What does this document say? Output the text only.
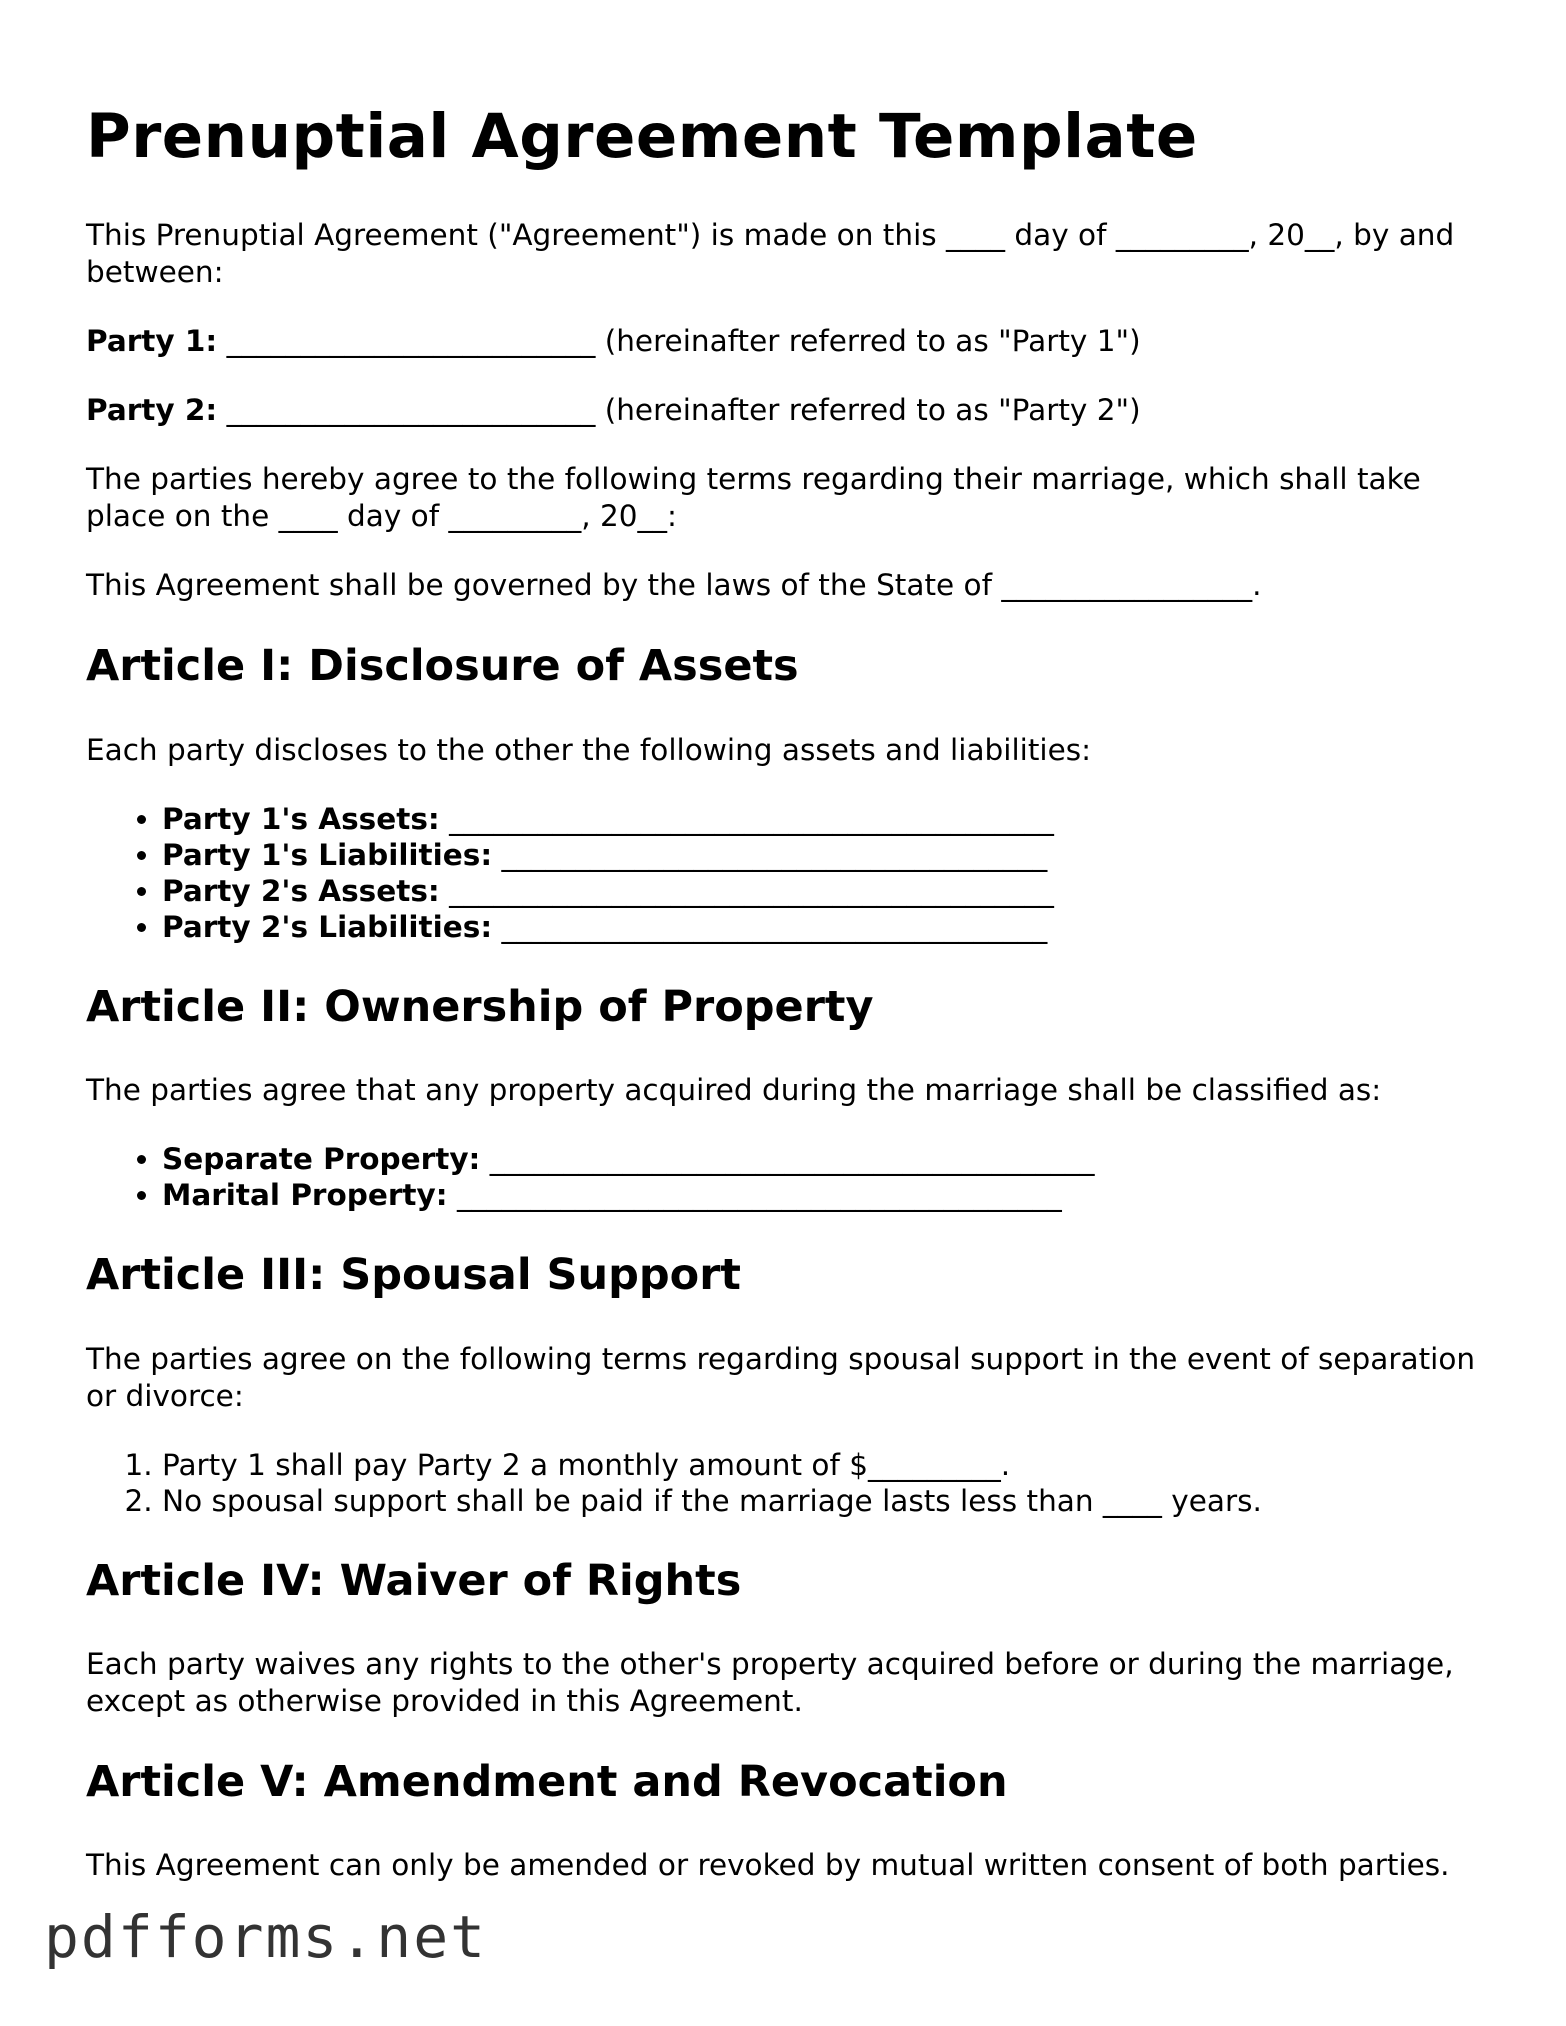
Prenuptial Agreement Template

This Prenuptial Agreement ("Agreement") is made on this ____ day of _________, 20__, by and between:

Party 1: _________________________ (hereinafter referred to as "Party 1")

Party 2: _________________________ (hereinafter referred to as "Party 2")

The parties hereby agree to the following terms regarding their marriage, which shall take place on the ____ day of _________, 20__:

This Agreement shall be governed by the laws of the State of _________________.

Article I: Disclosure of Assets

Each party discloses to the other the following assets and liabilities:

• Party 1's Assets: _________________________________________
• Party 1's Liabilities: _____________________________________
• Party 2's Assets: _________________________________________
• Party 2's Liabilities: _____________________________________
Article II: Ownership of Property

The parties agree that any property acquired during the marriage shall be classified as:

• Separate Property: _________________________________________
• Marital Property: _________________________________________
Article III: Spousal Support

The parties agree on the following terms regarding spousal support in the event of separation or divorce:

1. Party 1 shall pay Party 2 a monthly amount of $_________.
2. No spousal support shall be paid if the marriage lasts less than ____ years.
Article IV: Waiver of Rights

Each party waives any rights to the other's property acquired before or during the marriage, except as otherwise provided in this Agreement.

Article V: Amendment and Revocation

This Agreement can only be amended or revoked by mutual written consent of both parties.

pdfforms.net
